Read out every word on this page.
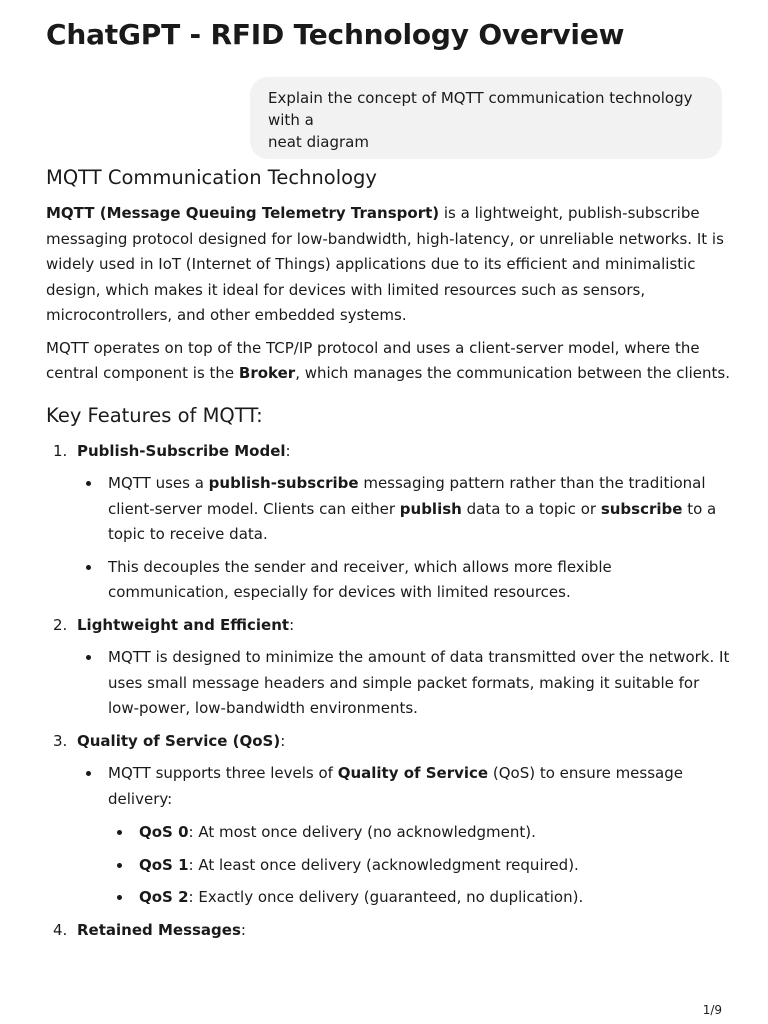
ChatGPT - RFID Technology Overview
Explain the concept of MQTT communication technology
with a
neat diagram
MQTT Communication Technology

MQTT (Message Queuing Telemetry Transport) is a lightweight, publish-subscribe messaging protocol designed for low-bandwidth, high-latency, or unreliable networks. It is widely used in IoT (Internet of Things) applications due to its efficient and minimalistic design, which makes it ideal for devices with limited resources such as sensors, microcontrollers, and other embedded systems.

MQTT operates on top of the TCP/IP protocol and uses a client-server model, where the central component is the Broker, which manages the communication between the clients.

Key Features of MQTT:
1. Publish-Subscribe Model:
MQTT uses a publish-subscribe messaging pattern rather than the traditional client-server model. Clients can either publish data to a topic or subscribe to a topic to receive data.
This decouples the sender and receiver, which allows more flexible communication, especially for devices with limited resources.
2. Lightweight and Efficient:
MQTT is designed to minimize the amount of data transmitted over the network. It uses small message headers and simple packet formats, making it suitable for low-power, low-bandwidth environments.
3. Quality of Service (QoS):
MQTT supports three levels of Quality of Service (QoS) to ensure message delivery:
QoS 0: At most once delivery (no acknowledgment).
QoS 1: At least once delivery (acknowledgment required).
QoS 2: Exactly once delivery (guaranteed, no duplication).
4. Retained Messages:
1/9
